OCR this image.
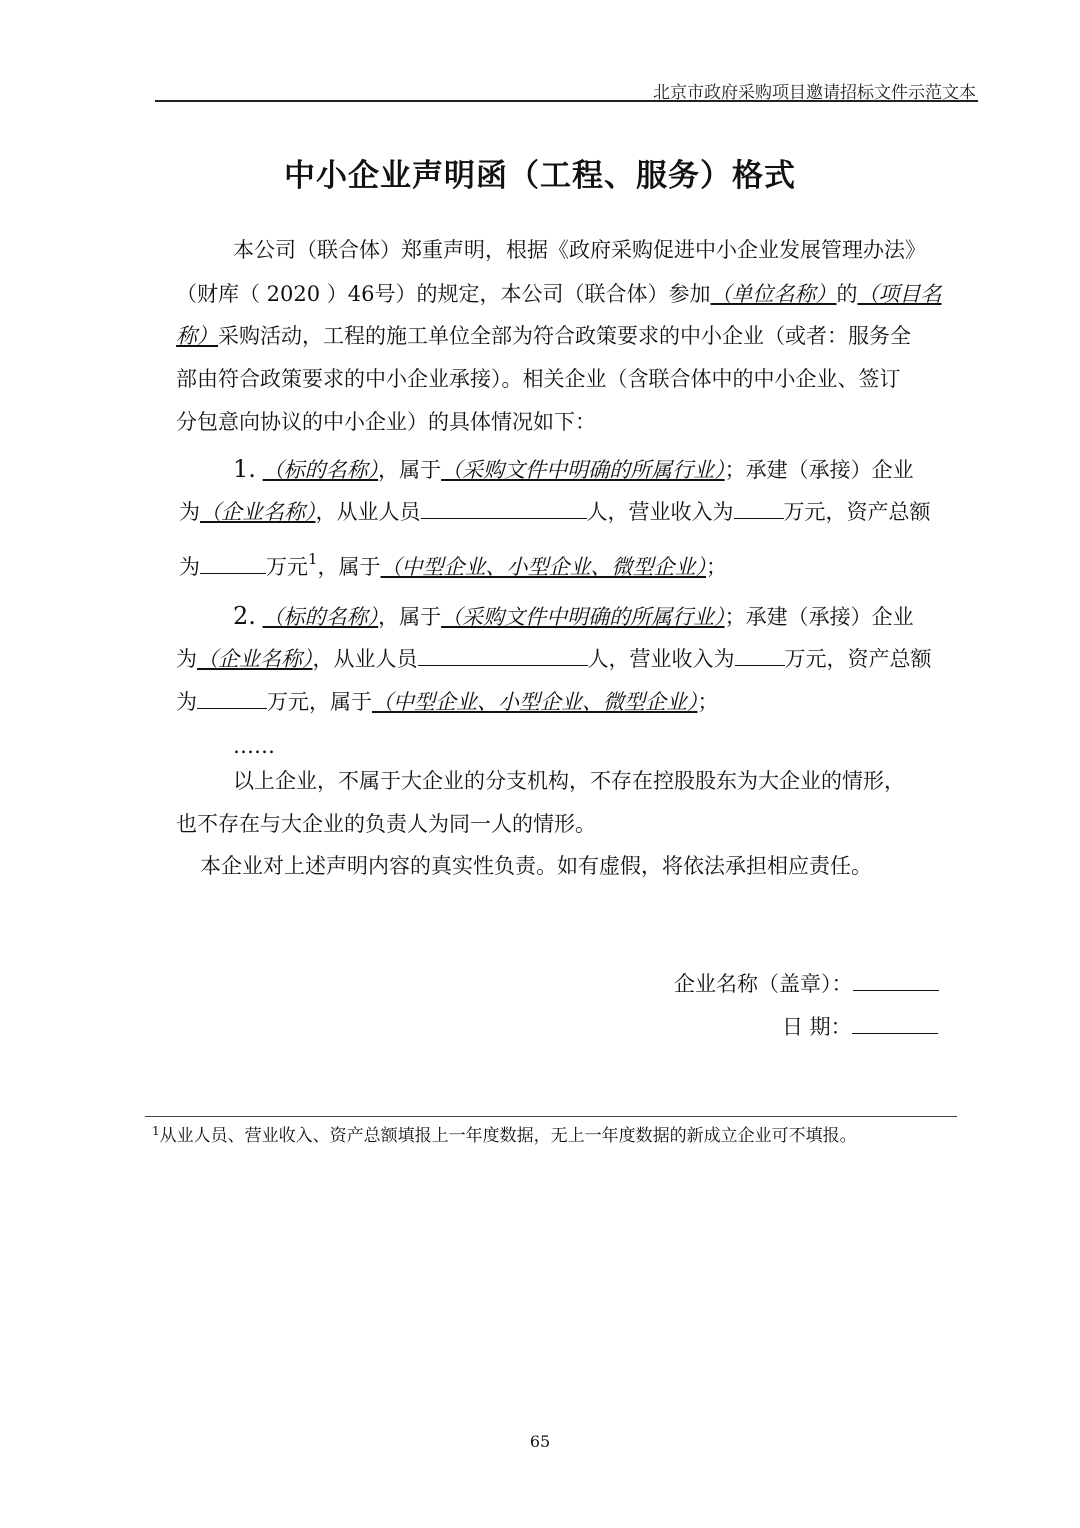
北京市政府采购项目邀请招标文件示范文本
中小企业声明函（工程、服务）格式
本公司（联合体）郑重声明，根据《政府采购促进中小企业发展管理办法》
（财库（ 2020 ）46号）的规定，本公司（联合体）参加（单位名称）的（项目名
称）采购活动，工程的施工单位全部为符合政策要求的中小企业（或者：服务全
部由符合政策要求的中小企业承接）。相关企业（含联合体中的中小企业、签订
分包意向协议的中小企业）的具体情况如下：
1. （标的名称），属于（采购文件中明确的所属行业）；承建（承接）企业
为（企业名称），从业人员	人，营业收入为 万元，资产总额
为	万元$^1$，属于（中型企业、小型企业、微型企业）；
2. （标的名称），属于（采购文件中明确的所属行业）；承建（承接）企业
为（企业名称），从业人员	人，营业收入为 万元，资产总额
为	万元，属于（中型企业、小型企业、微型企业）；
……
以上企业，不属于大企业的分支机构，不存在控股股东为大企业的情形，
也不存在与大企业的负责人为同一人的情形。
本企业对上述声明内容的真实性负责。如有虚假，将依法承担相应责任。
企业名称（盖章）：
日 期：
$^1$从业人员、营业收入、资产总额填报上一年度数据，无上一年度数据的新成立企业可不填报。
65
